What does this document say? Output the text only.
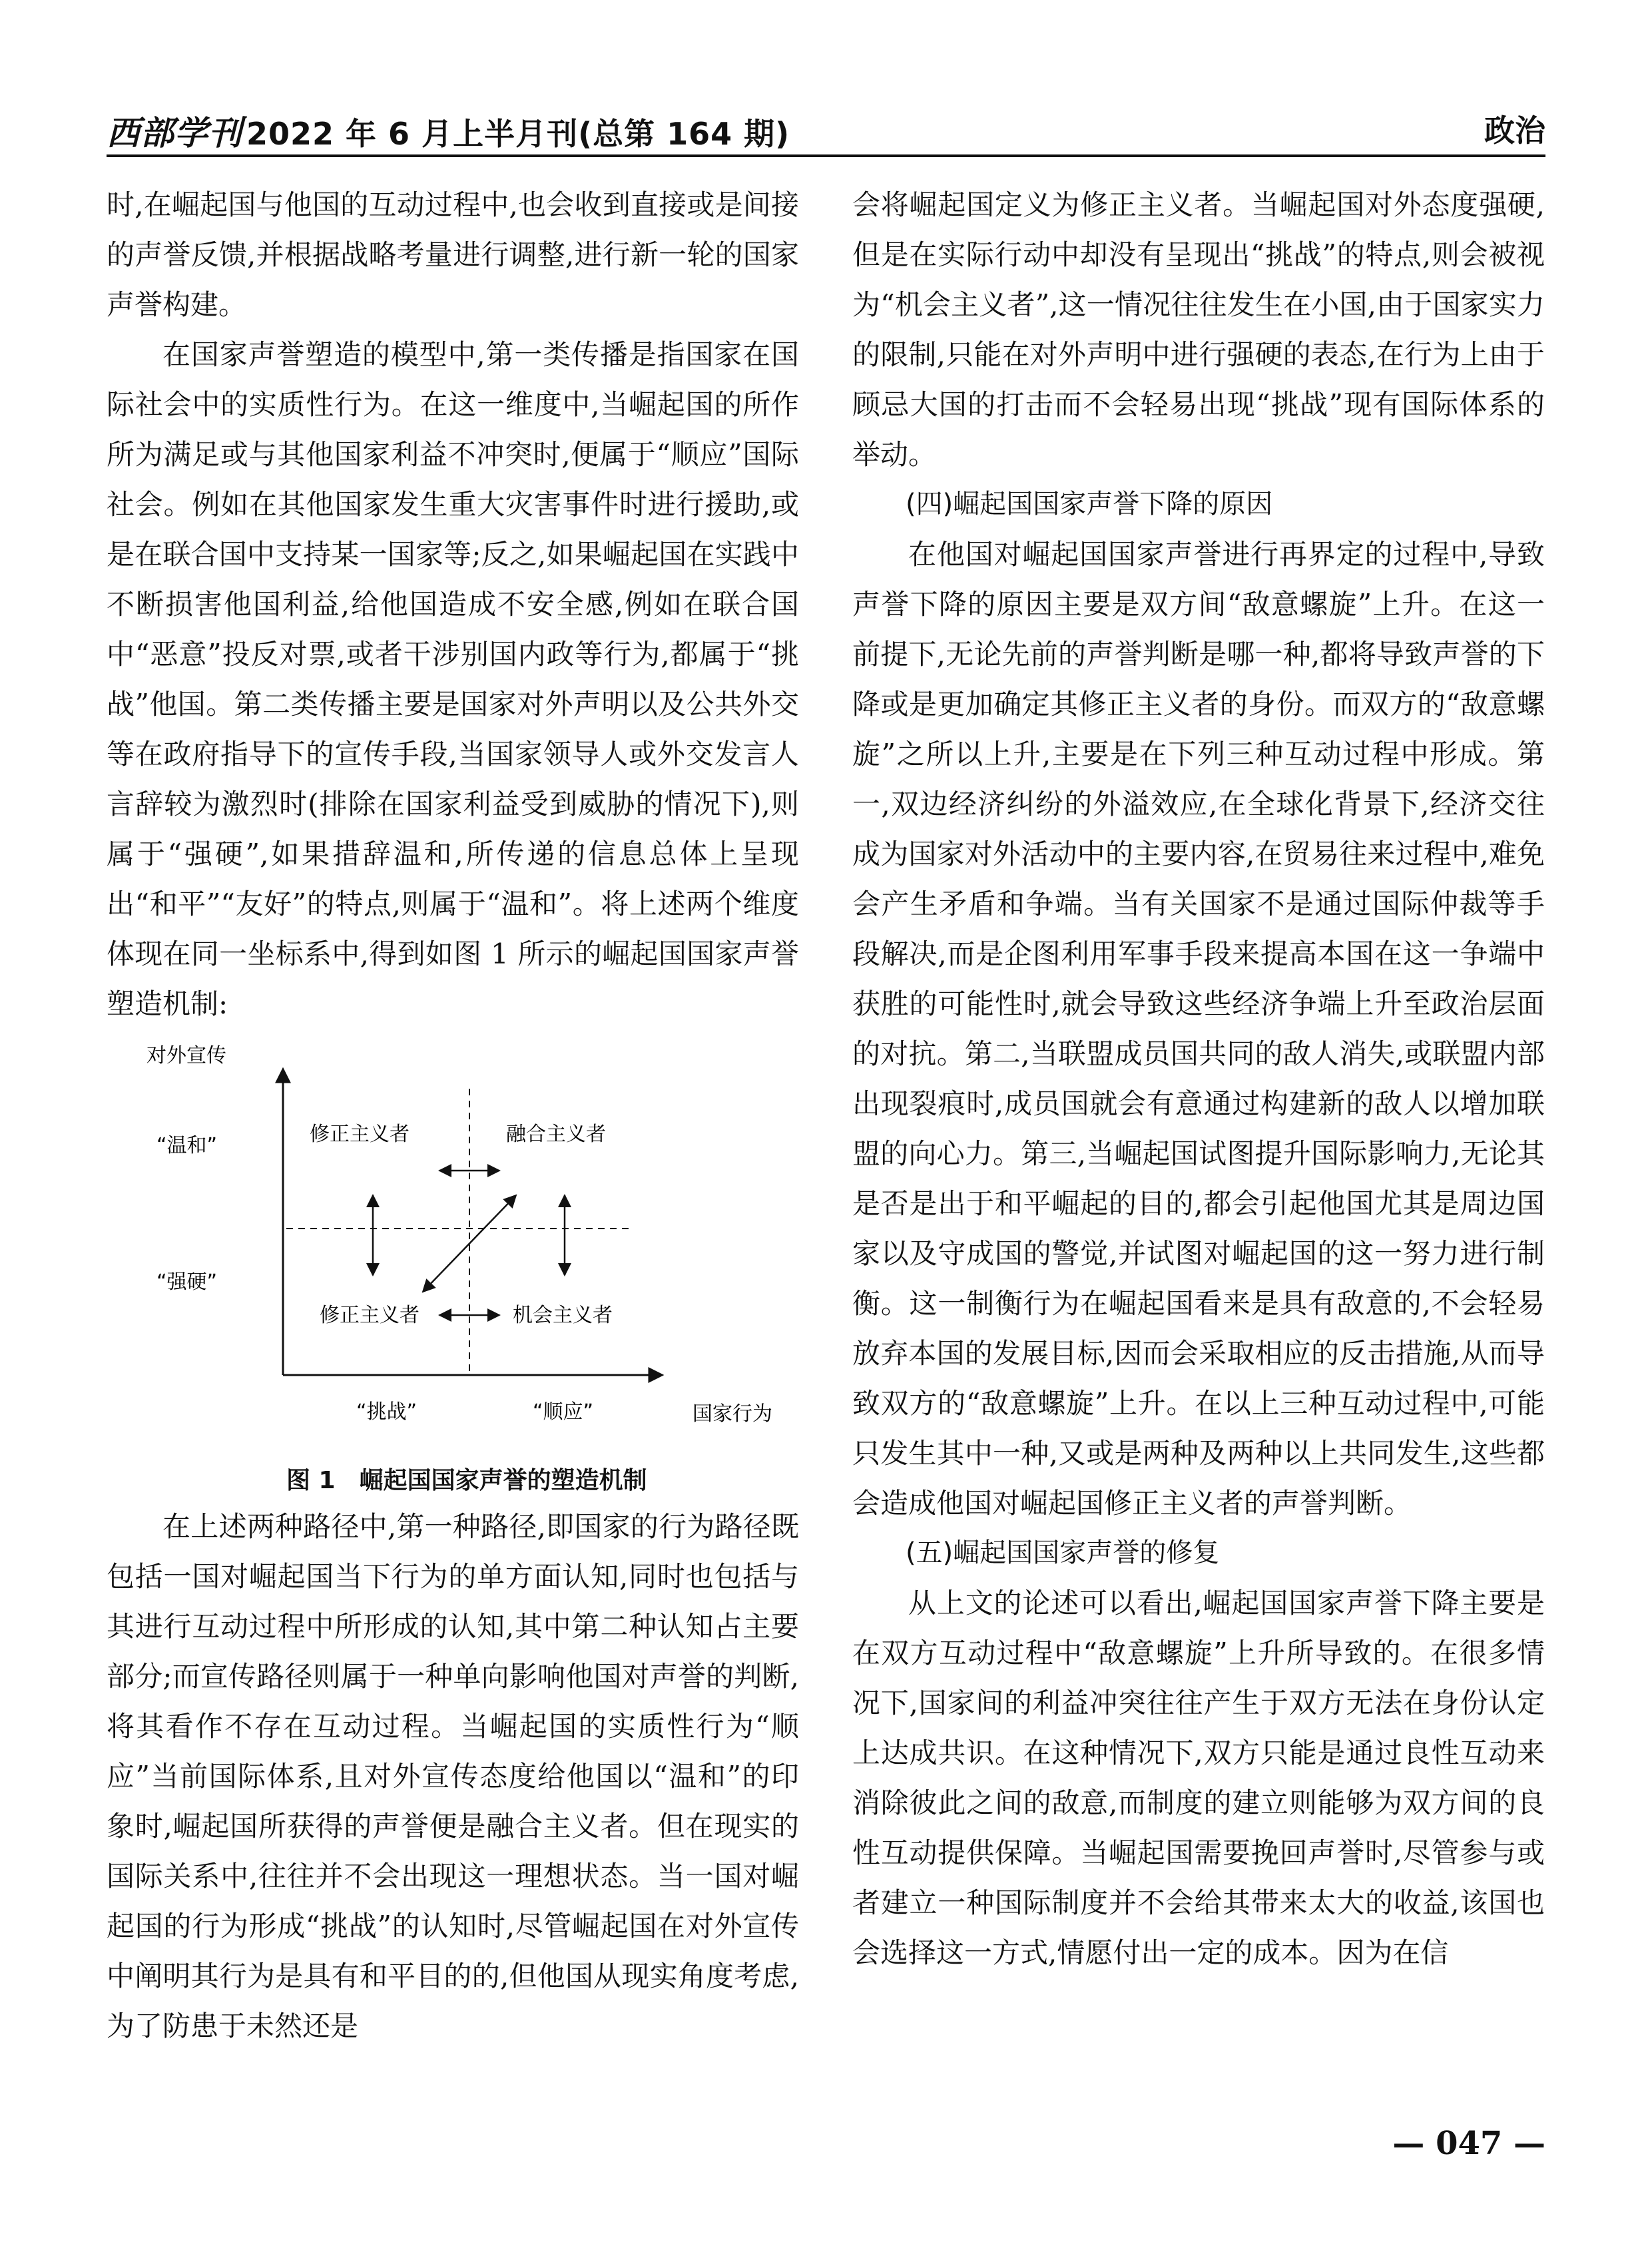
西部学刊 2022 年 6 月上半月刊(总第 164 期)	政治

时,在崛起国与他国的互动过程中,也会收到直接或是间接的声誉反馈,并根据战略考量进行调整,进行新一轮的国家声誉构建。

在国家声誉塑造的模型中,第一类传播是指国家在国际社会中的实质性行为。在这一维度中,当崛起国的所作所为满足或与其他国家利益不冲突时,便属于“顺应”国际社会。例如在其他国家发生重大灾害事件时进行援助,或是在联合国中支持某一国家等;反之,如果崛起国在实践中不断损害他国利益,给他国造成不安全感,例如在联合国中“恶意”投反对票,或者干涉别国内政等行为,都属于“挑战”他国。第二类传播主要是国家对外声明以及公共外交等在政府指导下的宣传手段,当国家领导人或外交发言人言辞较为激烈时(排除在国家利益受到威胁的情况下),则属于“强硬”,如果措辞温和,所传递的信息总体上呈现出“和平”“友好”的特点,则属于“温和”。将上述两个维度体现在同一坐标系中,得到如图 1 所示的崛起国国家声誉塑造机制:

对外宣传
“温和”
“强硬”
修正主义者	融合主义者
修正主义者	机会主义者
“挑战”	“顺应”	国家行为
图 1　崛起国国家声誉的塑造机制

在上述两种路径中,第一种路径,即国家的行为路径既包括一国对崛起国当下行为的单方面认知,同时也包括与其进行互动过程中所形成的认知,其中第二种认知占主要部分;而宣传路径则属于一种单向影响他国对声誉的判断,将其看作不存在互动过程。当崛起国的实质性行为“顺应”当前国际体系,且对外宣传态度给他国以“温和”的印象时,崛起国所获得的声誉便是融合主义者。但在现实的国际关系中,往往并不会出现这一理想状态。当一国对崛起国的行为形成“挑战”的认知时,尽管崛起国在对外宣传中阐明其行为是具有和平目的的,但他国从现实角度考虑,为了防患于未然还是

会将崛起国定义为修正主义者。当崛起国对外态度强硬,但是在实际行动中却没有呈现出“挑战”的特点,则会被视为“机会主义者”,这一情况往往发生在小国,由于国家实力的限制,只能在对外声明中进行强硬的表态,在行为上由于顾忌大国的打击而不会轻易出现“挑战”现有国际体系的举动。

(四)崛起国国家声誉下降的原因

在他国对崛起国国家声誉进行再界定的过程中,导致声誉下降的原因主要是双方间“敌意螺旋”上升。在这一前提下,无论先前的声誉判断是哪一种,都将导致声誉的下降或是更加确定其修正主义者的身份。而双方的“敌意螺旋”之所以上升,主要是在下列三种互动过程中形成。第一,双边经济纠纷的外溢效应,在全球化背景下,经济交往成为国家对外活动中的主要内容,在贸易往来过程中,难免会产生矛盾和争端。当有关国家不是通过国际仲裁等手段解决,而是企图利用军事手段来提高本国在这一争端中获胜的可能性时,就会导致这些经济争端上升至政治层面的对抗。第二,当联盟成员国共同的敌人消失,或联盟内部出现裂痕时,成员国就会有意通过构建新的敌人以增加联盟的向心力。第三,当崛起国试图提升国际影响力,无论其是否是出于和平崛起的目的,都会引起他国尤其是周边国家以及守成国的警觉,并试图对崛起国的这一努力进行制衡。这一制衡行为在崛起国看来是具有敌意的,不会轻易放弃本国的发展目标,因而会采取相应的反击措施,从而导致双方的“敌意螺旋”上升。在以上三种互动过程中,可能只发生其中一种,又或是两种及两种以上共同发生,这些都会造成他国对崛起国修正主义者的声誉判断。

(五)崛起国国家声誉的修复

从上文的论述可以看出,崛起国国家声誉下降主要是在双方互动过程中“敌意螺旋”上升所导致的。在很多情况下,国家间的利益冲突往往产生于双方无法在身份认定上达成共识。在这种情况下,双方只能是通过良性互动来消除彼此之间的敌意,而制度的建立则能够为双方间的良性互动提供保障。当崛起国需要挽回声誉时,尽管参与或者建立一种国际制度并不会给其带来太大的收益,该国也会选择这一方式,情愿付出一定的成本。因为在信

— 047 —
